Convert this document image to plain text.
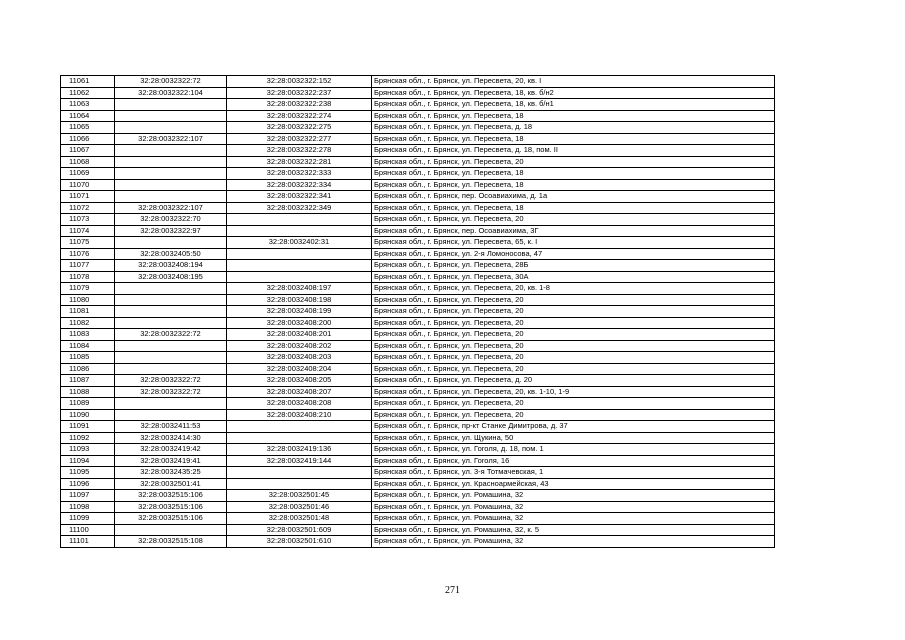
11061	32:28:0032322:72	32:28:0032322:152	Брянская обл., г. Брянск, ул. Пересвета, 20, кв. I
11062	32:28:0032322:104	32:28:0032322:237	Брянская обл., г. Брянск, ул. Пересвета, 18, кв. б/н2
11063		32:28:0032322:238	Брянская обл., г. Брянск, ул. Пересвета, 18, кв. б/н1
11064		32:28:0032322:274	Брянская обл., г. Брянск, ул. Пересвета, 18
11065		32:28:0032322:275	Брянская обл., г. Брянск, ул. Пересвета, д. 18
11066	32:28:0032322:107	32:28:0032322:277	Брянская обл., г. Брянск, ул. Пересвета, 18
11067		32:28:0032322:278	Брянская обл., г. Брянск, ул. Пересвета, д. 18, пом. II
11068		32:28:0032322:281	Брянская обл., г. Брянск, ул. Пересвета, 20
11069		32:28:0032322:333	Брянская обл., г. Брянск, ул. Пересвета, 18
11070		32:28:0032322:334	Брянская обл., г. Брянск, ул. Пересвета, 18
11071		32:28:0032322:341	Брянская обл., г. Брянск, пер. Осоавиахима, д. 1а
11072	32:28:0032322:107	32:28:0032322:349	Брянская обл., г. Брянск, ул. Пересвета, 18
11073	32:28:0032322:70		Брянская обл., г. Брянск, ул. Пересвета, 20
11074	32:28:0032322:97		Брянская обл., г. Брянск, пер. Осоавиахима, 3Г
11075		32:28:0032402:31	Брянская обл., г. Брянск, ул. Пересвета, 65, к. I
11076	32:28:0032405:50		Брянская обл., г. Брянск, ул. 2-я Ломоносова, 47
11077	32:28:0032408:194		Брянская обл., г. Брянск, ул. Пересвета, 28Б
11078	32:28:0032408:195		Брянская обл., г. Брянск, ул. Пересвета, 30А
11079		32:28:0032408:197	Брянская обл., г. Брянск, ул. Пересвета, 20, кв. 1-8
11080		32:28:0032408:198	Брянская обл., г. Брянск, ул. Пересвета, 20
11081		32:28:0032408:199	Брянская обл., г. Брянск, ул. Пересвета, 20
11082		32:28:0032408:200	Брянская обл., г. Брянск, ул. Пересвета, 20
11083	32:28:0032322:72	32:28:0032408:201	Брянская обл., г. Брянск, ул. Пересвета, 20
11084		32:28:0032408:202	Брянская обл., г. Брянск, ул. Пересвета, 20
11085		32:28:0032408:203	Брянская обл., г. Брянск, ул. Пересвета, 20
11086		32:28:0032408:204	Брянская обл., г. Брянск, ул. Пересвета, 20
11087	32:28:0032322:72	32:28:0032408:205	Брянская обл., г. Брянск, ул. Пересвета, д. 20
11088	32:28:0032322:72	32:28:0032408:207	Брянская обл., г. Брянск, ул. Пересвета, 20, кв. 1-10, 1-9
11089		32:28:0032408:208	Брянская обл., г. Брянск, ул. Пересвета, 20
11090		32:28:0032408:210	Брянская обл., г. Брянск, ул. Пересвета, 20
11091	32:28:0032411:53		Брянская обл., г. Брянск, пр-кт Станке Димитрова, д. 37
11092	32:28:0032414:30		Брянская обл., г. Брянск, ул. Щукина, 50
11093	32:28:0032419:42	32:28:0032419:136	Брянская обл., г. Брянск, ул. Гоголя, д. 18, пом. 1
11094	32:28:0032419:41	32:28:0032419:144	Брянская обл., г. Брянск, ул. Гоголя, 16
11095	32:28:0032435:25		Брянская обл., г. Брянск, ул. 3-я Тотмачевская, 1
11096	32:28:0032501:41		Брянская обл., г. Брянск, ул. Красноармейская, 43
11097	32:28:0032515:106	32:28:0032501:45	Брянская обл., г. Брянск, ул. Ромашина, 32
11098	32:28:0032515:106	32:28:0032501:46	Брянская обл., г. Брянск, ул. Ромашина, 32
11099	32:28:0032515:106	32:28:0032501:48	Брянская обл., г. Брянск, ул. Ромашина, 32
11100		32:28:0032501:609	Брянская обл., г. Брянск, ул. Ромашина, 32, к. 5
11101	32:28:0032515:108	32:28:0032501:610	Брянская обл., г. Брянск, ул. Ромашина, 32
271
